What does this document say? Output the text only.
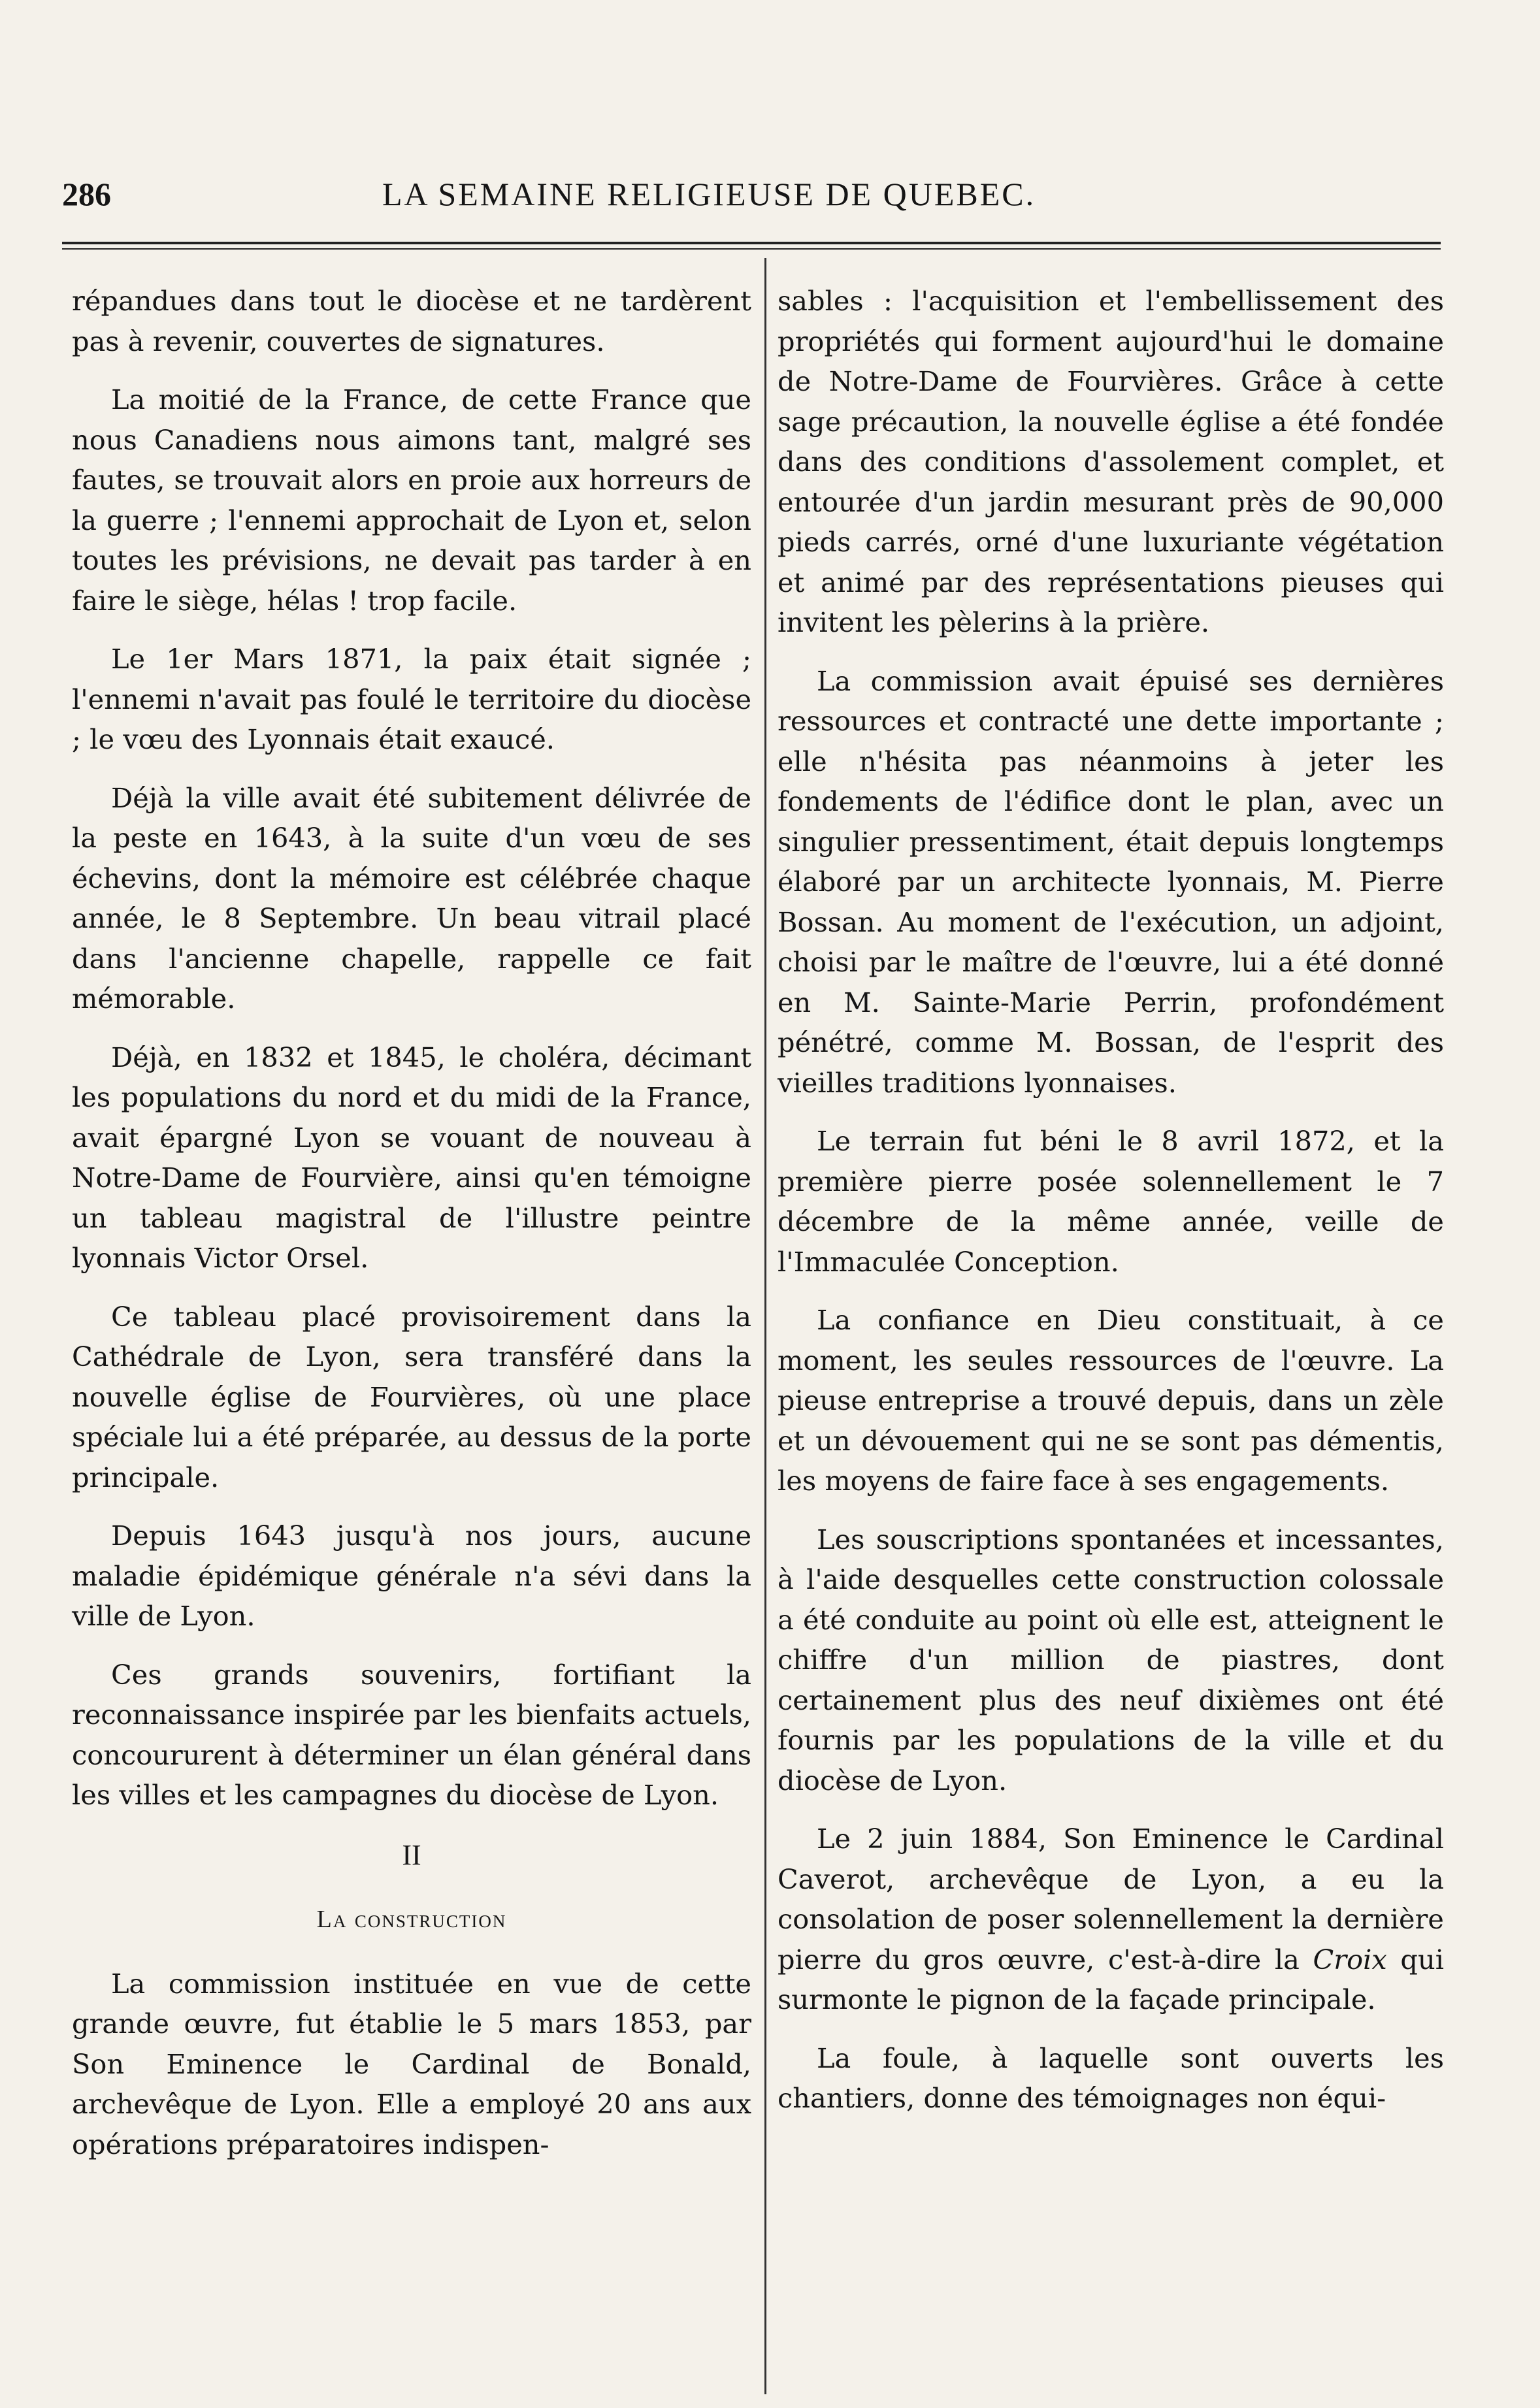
286	LA SEMAINE RELIGIEUSE DE QUEBEC.

répandues dans tout le diocèse et ne tardèrent pas à revenir, couvertes de signatures.

La moitié de la France, de cette France que nous Canadiens nous aimons tant, malgré ses fautes, se trouvait alors en proie aux horreurs de la guerre ; l'ennemi approchait de Lyon et, selon toutes les prévisions, ne devait pas tarder à en faire le siège, hélas ! trop facile.

Le 1er Mars 1871, la paix était signée ; l'ennemi n'avait pas foulé le territoire du diocèse ; le vœu des Lyonnais était exaucé.

Déjà la ville avait été subitement délivrée de la peste en 1643, à la suite d'un vœu de ses échevins, dont la mémoire est célébrée chaque année, le 8 Septembre. Un beau vitrail placé dans l'ancienne chapelle, rappelle ce fait mémorable.

Déjà, en 1832 et 1845, le choléra, décimant les populations du nord et du midi de la France, avait épargné Lyon se vouant de nouveau à Notre-Dame de Fourvière, ainsi qu'en témoigne un tableau magistral de l'illustre peintre lyonnais Victor Orsel.

Ce tableau placé provisoirement dans la Cathédrale de Lyon, sera transféré dans la nouvelle église de Fourvières, où une place spéciale lui a été préparée, au dessus de la porte principale.

Depuis 1643 jusqu'à nos jours, aucune maladie épidémique générale n'a sévi dans la ville de Lyon.

Ces grands souvenirs, fortifiant la reconnaissance inspirée par les bienfaits actuels, concoururent à déterminer un élan général dans les villes et les campagnes du diocèse de Lyon.

II
La construction

La commission instituée en vue de cette grande œuvre, fut établie le 5 mars 1853, par Son Eminence le Cardinal de Bonald, archevêque de Lyon. Elle a employé 20 ans aux opérations préparatoires indispen-

sables : l'acquisition et l'embellissement des propriétés qui forment aujourd'hui le domaine de Notre-Dame de Fourvières. Grâce à cette sage précaution, la nouvelle église a été fondée dans des conditions d'assolement complet, et entourée d'un jardin mesurant près de 90,000 pieds carrés, orné d'une luxuriante végétation et animé par des représentations pieuses qui invitent les pèlerins à la prière.

La commission avait épuisé ses dernières ressources et contracté une dette importante ; elle n'hésita pas néanmoins à jeter les fondements de l'édifice dont le plan, avec un singulier pressentiment, était depuis longtemps élaboré par un architecte lyonnais, M. Pierre Bossan. Au moment de l'exécution, un adjoint, choisi par le maître de l'œuvre, lui a été donné en M. Sainte-Marie Perrin, profondément pénétré, comme M. Bossan, de l'esprit des vieilles traditions lyonnaises.

Le terrain fut béni le 8 avril 1872, et la première pierre posée solennellement le 7 décembre de la même année, veille de l'Immaculée Conception.

La confiance en Dieu constituait, à ce moment, les seules ressources de l'œuvre. La pieuse entreprise a trouvé depuis, dans un zèle et un dévouement qui ne se sont pas démentis, les moyens de faire face à ses engagements.

Les souscriptions spontanées et incessantes, à l'aide desquelles cette construction colossale a été conduite au point où elle est, atteignent le chiffre d'un million de piastres, dont certainement plus des neuf dixièmes ont été fournis par les populations de la ville et du diocèse de Lyon.

Le 2 juin 1884, Son Eminence le Cardinal Caverot, archevêque de Lyon, a eu la consolation de poser solennellement la dernière pierre du gros œuvre, c'est-à-dire la Croix qui surmonte le pignon de la façade principale.

La foule, à laquelle sont ouverts les chantiers, donne des témoignages non équi-
